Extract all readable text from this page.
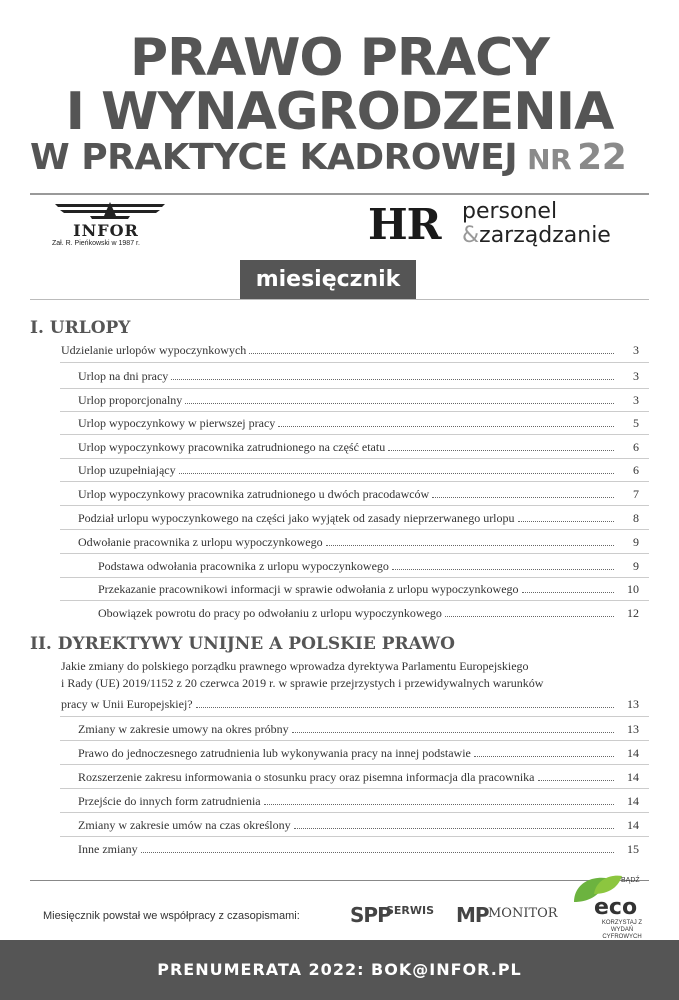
PRAWO PRACY
I WYNAGRODZENIA
W PRAKTYCE KADROWEJ NR 22
INFOR
Zał. R. Pieńkowski w 1987 r.	HR personel
&zarządzanie
miesięcznik
I. URLOPY
Udzielanie urlopów wypoczynkowych	3
Urlop na dni pracy	3
Urlop proporcjonalny	3
Urlop wypoczynkowy w pierwszej pracy	5
Urlop wypoczynkowy pracownika zatrudnionego na część etatu	6
Urlop uzupełniający	6
Urlop wypoczynkowy pracownika zatrudnionego u dwóch pracodawców	7
Podział urlopu wypoczynkowego na części jako wyjątek od zasady nieprzerwanego urlopu	8
Odwołanie pracownika z urlopu wypoczynkowego	9
Podstawa odwołania pracownika z urlopu wypoczynkowego	9
Przekazanie pracownikowi informacji w sprawie odwołania z urlopu wypoczynkowego	10
Obowiązek powrotu do pracy po odwołaniu z urlopu wypoczynkowego	12
II. DYREKTYWY UNIJNE A POLSKIE PRAWO
Jakie zmiany do polskiego porządku prawnego wprowadza dyrektywa Parlamentu Europejskiego
i Rady (UE) 2019/1152 z 20 czerwca 2019 r. w sprawie przejrzystych i przewidywalnych warunków
pracy w Unii Europejskiej?	13
Zmiany w zakresie umowy na okres próbny	13
Prawo do jednoczesnego zatrudnienia lub wykonywania pracy na innej podstawie	14
Rozszerzenie zakresu informowania o stosunku pracy oraz pisemna informacja dla pracownika	14
Przejście do innych form zatrudnienia	14
Zmiany w zakresie umów na czas określony	14
Inne zmiany	15
Miesięcznik powstał we współpracy z czasopismami:	SPP
SERWIS MP MONITOR
BĄDŹ
eco
KORZYSTAJ Z WYDAŃ CYFROWYCH
PRENUMERATA 2022: BOK@INFOR.PL
